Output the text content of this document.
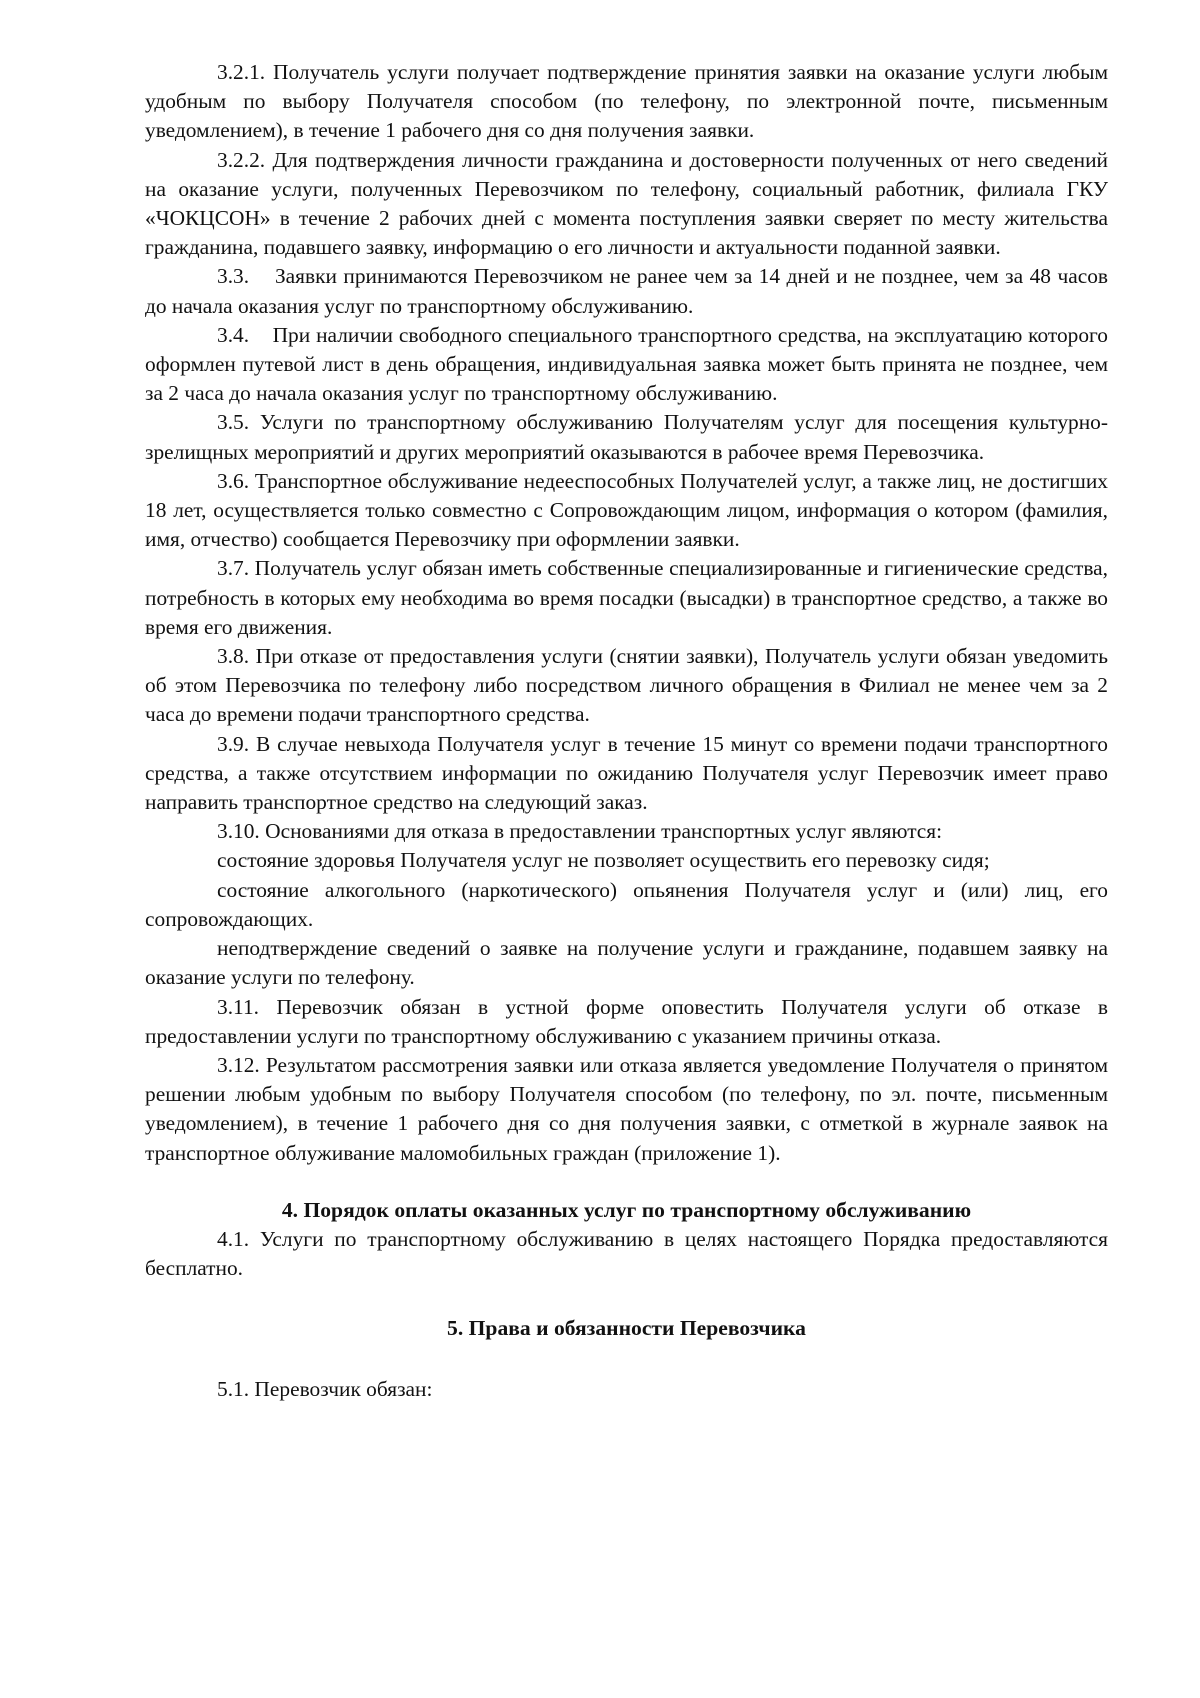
3.2.1. Получатель услуги получает подтверждение принятия заявки на оказание услуги любым удобным по выбору Получателя способом (по телефону, по электронной почте, письменным уведомлением), в течение 1 рабочего дня со дня получения заявки.

3.2.2. Для подтверждения личности гражданина и достоверности полученных от него сведений на оказание услуги, полученных Перевозчиком по телефону, социальный работник, филиала ГКУ «ЧОКЦСОН» в течение 2 рабочих дней с момента поступления заявки сверяет по месту жительства гражданина, подавшего заявку, информацию о его личности и актуальности поданной заявки.

3.3.    Заявки принимаются Перевозчиком не ранее чем за 14 дней и не позднее, чем за 48 часов до начала оказания услуг по транспортному обслуживанию.

3.4.    При наличии свободного специального транспортного средства, на эксплуатацию которого оформлен путевой лист в день обращения, индивидуальная заявка может быть принята не позднее, чем за 2 часа до начала оказания услуг по транспортному обслуживанию.

3.5. Услуги по транспортному обслуживанию Получателям услуг для посещения культурно-зрелищных мероприятий и других мероприятий оказываются в рабочее время Перевозчика.

3.6. Транспортное обслуживание недееспособных Получателей услуг, а также лиц, не достигших 18 лет, осуществляется только совместно с Сопровождающим лицом, информация о котором (фамилия, имя, отчество) сообщается Перевозчику при оформлении заявки.

3.7. Получатель услуг обязан иметь собственные специализированные и гигиенические средства, потребность в которых ему необходима во время посадки (высадки) в транспортное средство, а также во время его движения.

3.8. При отказе от предоставления услуги (снятии заявки), Получатель услуги обязан уведомить об этом Перевозчика по телефону либо посредством личного обращения в Филиал не менее чем за 2 часа до времени подачи транспортного средства.

3.9. В случае невыхода Получателя услуг в течение 15 минут со времени подачи транспортного средства, а также отсутствием информации по ожиданию Получателя услуг Перевозчик имеет право направить транспортное средство на следующий заказ.

3.10. Основаниями для отказа в предоставлении транспортных услуг являются:

состояние здоровья Получателя услуг не позволяет осуществить его перевозку сидя;

состояние алкогольного (наркотического) опьянения Получателя услуг и (или) лиц, его сопровождающих.

неподтверждение сведений о заявке на получение услуги и гражданине, подавшем заявку на оказание услуги по телефону.

3.11. Перевозчик обязан в устной форме оповестить Получателя услуги об отказе в предоставлении услуги по транспортному обслуживанию с указанием причины отказа.

3.12. Результатом рассмотрения заявки или отказа является уведомление Получателя о принятом решении любым удобным по выбору Получателя способом (по телефону, по эл. почте, письменным уведомлением), в течение 1 рабочего дня со дня получения заявки, с отметкой в журнале заявок на транспортное облуживание маломобильных граждан (приложение 1).

4. Порядок оплаты оказанных услуг по транспортному обслуживанию

4.1. Услуги по транспортному обслуживанию в целях настоящего Порядка предоставляются бесплатно.

5. Права и обязанности Перевозчика

5.1. Перевозчик обязан:
